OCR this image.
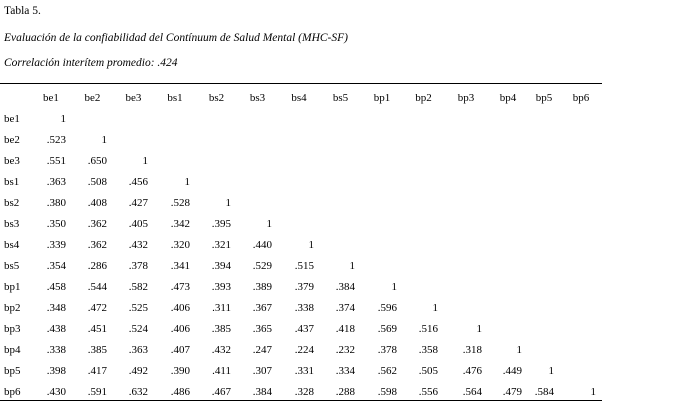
Tabla 5.
Evaluación de la confiabilidad del Contínuum de Salud Mental (MHC-SF)
Correlación interítem promedio: .424
	be1	be2	be3	bs1	bs2	bs3	bs4	bs5	bp1	bp2	bp3	bp4	bp5	bp6
be1	1													
be2	.523	1												
be3	.551	.650	1											
bs1	.363	.508	.456	1										
bs2	.380	.408	.427	.528	1									
bs3	.350	.362	.405	.342	.395	1								
bs4	.339	.362	.432	.320	.321	.440	1							
bs5	.354	.286	.378	.341	.394	.529	.515	1						
bp1	.458	.544	.582	.473	.393	.389	.379	.384	1					
bp2	.348	.472	.525	.406	.311	.367	.338	.374	.596	1				
bp3	.438	.451	.524	.406	.385	.365	.437	.418	.569	.516	1			
bp4	.338	.385	.363	.407	.432	.247	.224	.232	.378	.358	.318	1		
bp5	.398	.417	.492	.390	.411	.307	.331	.334	.562	.505	.476	.449	1	
bp6	.430	.591	.632	.486	.467	.384	.328	.288	.598	.556	.564	.479	.584	1
